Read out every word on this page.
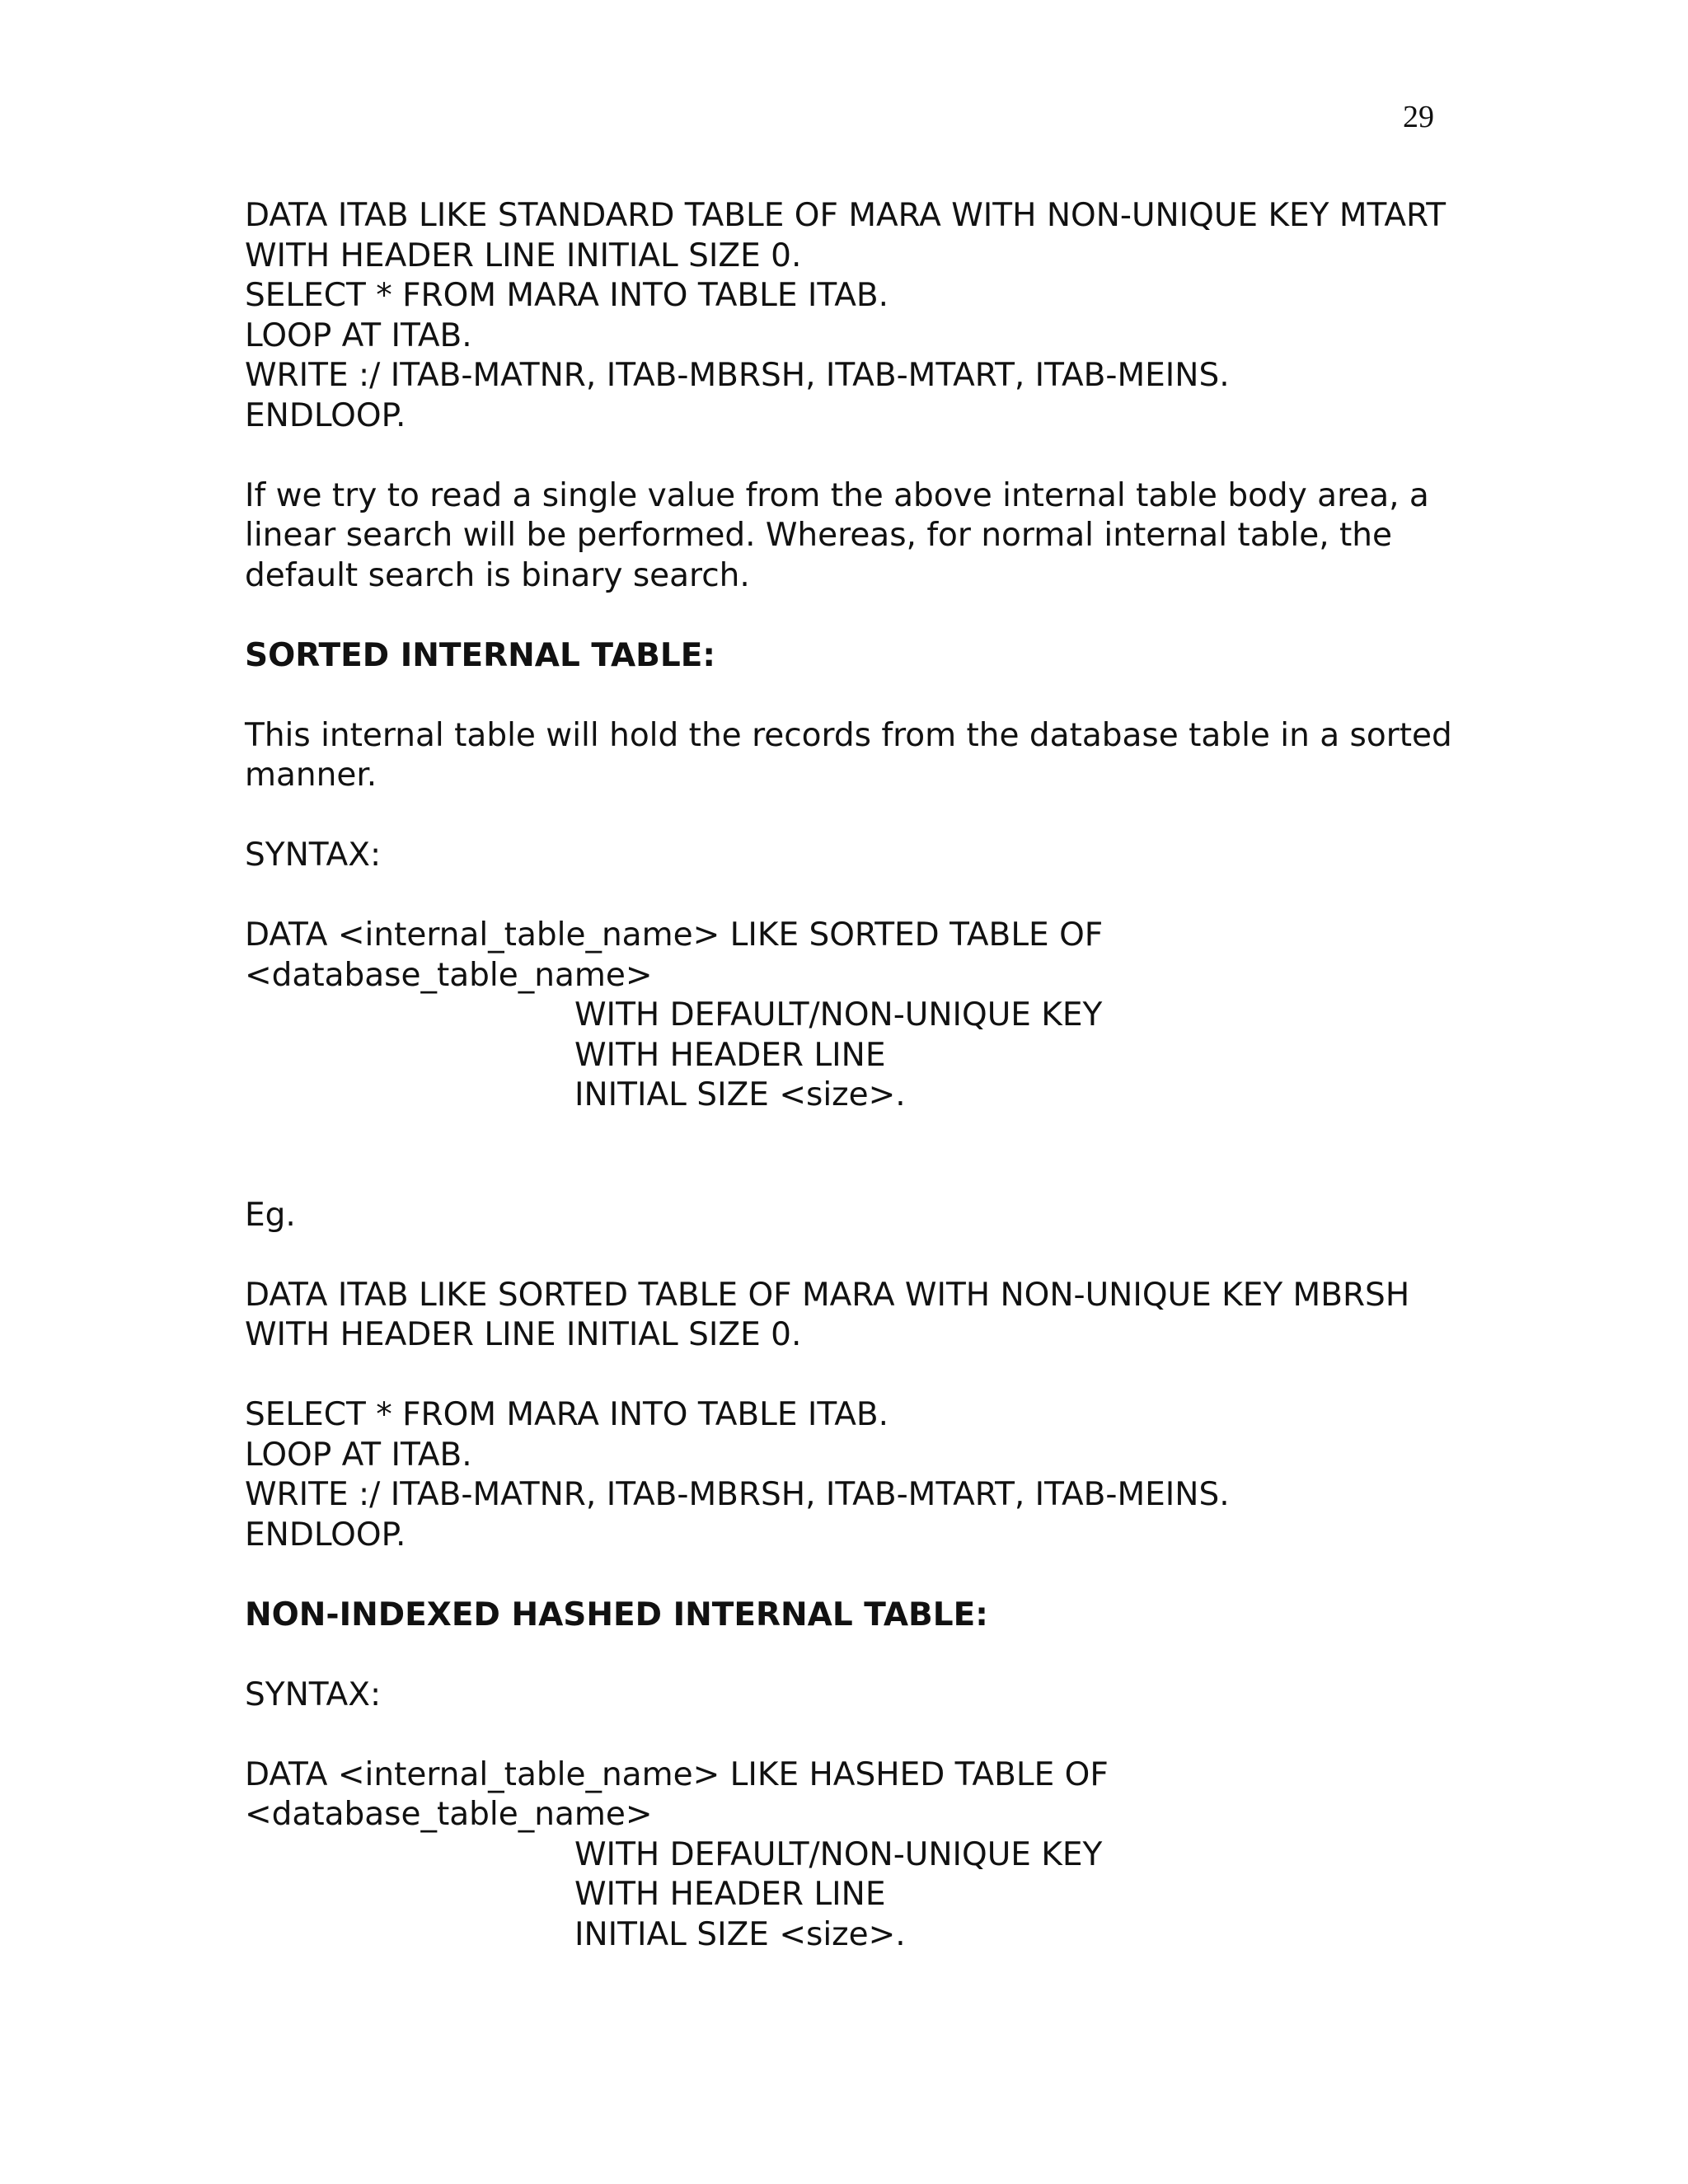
29
DATA ITAB LIKE STANDARD TABLE OF MARA WITH NON-UNIQUE KEY MTART
WITH HEADER LINE INITIAL SIZE 0.
SELECT * FROM MARA INTO TABLE ITAB.
LOOP AT ITAB.
WRITE :/ ITAB-MATNR, ITAB-MBRSH, ITAB-MTART, ITAB-MEINS.
ENDLOOP.
If we try to read a single value from the above internal table body area, a
linear search will be performed. Whereas, for normal internal table, the
default search is binary search.
SORTED INTERNAL TABLE:
This internal table will hold the records from the database table in a sorted
manner.
SYNTAX:
DATA <internal_table_name> LIKE SORTED TABLE OF
<database_table_name>
WITH DEFAULT/NON-UNIQUE KEY
WITH HEADER LINE
INITIAL SIZE <size>.
Eg.
DATA ITAB LIKE SORTED TABLE OF MARA WITH NON-UNIQUE KEY MBRSH
WITH HEADER LINE INITIAL SIZE 0.
SELECT * FROM MARA INTO TABLE ITAB.
LOOP AT ITAB.
WRITE :/ ITAB-MATNR, ITAB-MBRSH, ITAB-MTART, ITAB-MEINS.
ENDLOOP.
NON-INDEXED HASHED INTERNAL TABLE:
SYNTAX:
DATA <internal_table_name> LIKE HASHED TABLE OF
<database_table_name>
WITH DEFAULT/NON-UNIQUE KEY
WITH HEADER LINE
INITIAL SIZE <size>.
